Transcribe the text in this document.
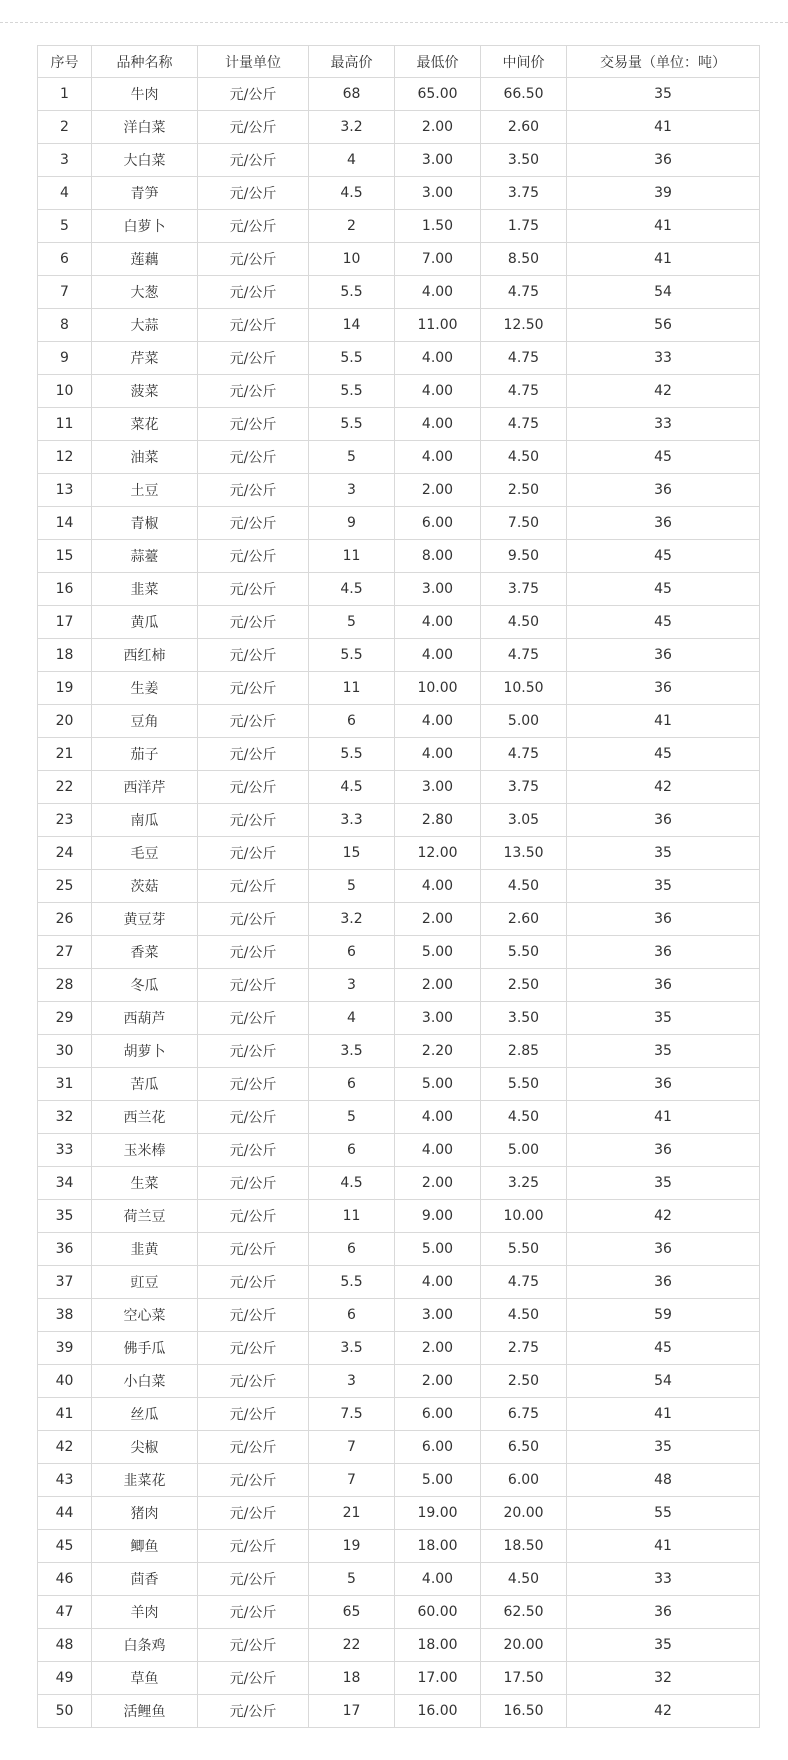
序号	品种名称	计量单位	最高价	最低价	中间价	交易量（单位：吨）
1	牛肉	元/公斤	68	65.00	66.50	35
2	洋白菜	元/公斤	3.2	2.00	2.60	41
3	大白菜	元/公斤	4	3.00	3.50	36
4	青笋	元/公斤	4.5	3.00	3.75	39
5	白萝卜	元/公斤	2	1.50	1.75	41
6	莲藕	元/公斤	10	7.00	8.50	41
7	大葱	元/公斤	5.5	4.00	4.75	54
8	大蒜	元/公斤	14	11.00	12.50	56
9	芹菜	元/公斤	5.5	4.00	4.75	33
10	菠菜	元/公斤	5.5	4.00	4.75	42
11	菜花	元/公斤	5.5	4.00	4.75	33
12	油菜	元/公斤	5	4.00	4.50	45
13	土豆	元/公斤	3	2.00	2.50	36
14	青椒	元/公斤	9	6.00	7.50	36
15	蒜薹	元/公斤	11	8.00	9.50	45
16	韭菜	元/公斤	4.5	3.00	3.75	45
17	黄瓜	元/公斤	5	4.00	4.50	45
18	西红柿	元/公斤	5.5	4.00	4.75	36
19	生姜	元/公斤	11	10.00	10.50	36
20	豆角	元/公斤	6	4.00	5.00	41
21	茄子	元/公斤	5.5	4.00	4.75	45
22	西洋芹	元/公斤	4.5	3.00	3.75	42
23	南瓜	元/公斤	3.3	2.80	3.05	36
24	毛豆	元/公斤	15	12.00	13.50	35
25	茨菇	元/公斤	5	4.00	4.50	35
26	黄豆芽	元/公斤	3.2	2.00	2.60	36
27	香菜	元/公斤	6	5.00	5.50	36
28	冬瓜	元/公斤	3	2.00	2.50	36
29	西葫芦	元/公斤	4	3.00	3.50	35
30	胡萝卜	元/公斤	3.5	2.20	2.85	35
31	苦瓜	元/公斤	6	5.00	5.50	36
32	西兰花	元/公斤	5	4.00	4.50	41
33	玉米棒	元/公斤	6	4.00	5.00	36
34	生菜	元/公斤	4.5	2.00	3.25	35
35	荷兰豆	元/公斤	11	9.00	10.00	42
36	韭黄	元/公斤	6	5.00	5.50	36
37	豇豆	元/公斤	5.5	4.00	4.75	36
38	空心菜	元/公斤	6	3.00	4.50	59
39	佛手瓜	元/公斤	3.5	2.00	2.75	45
40	小白菜	元/公斤	3	2.00	2.50	54
41	丝瓜	元/公斤	7.5	6.00	6.75	41
42	尖椒	元/公斤	7	6.00	6.50	35
43	韭菜花	元/公斤	7	5.00	6.00	48
44	猪肉	元/公斤	21	19.00	20.00	55
45	鲫鱼	元/公斤	19	18.00	18.50	41
46	茴香	元/公斤	5	4.00	4.50	33
47	羊肉	元/公斤	65	60.00	62.50	36
48	白条鸡	元/公斤	22	18.00	20.00	35
49	草鱼	元/公斤	18	17.00	17.50	32
50	活鲤鱼	元/公斤	17	16.00	16.50	42
